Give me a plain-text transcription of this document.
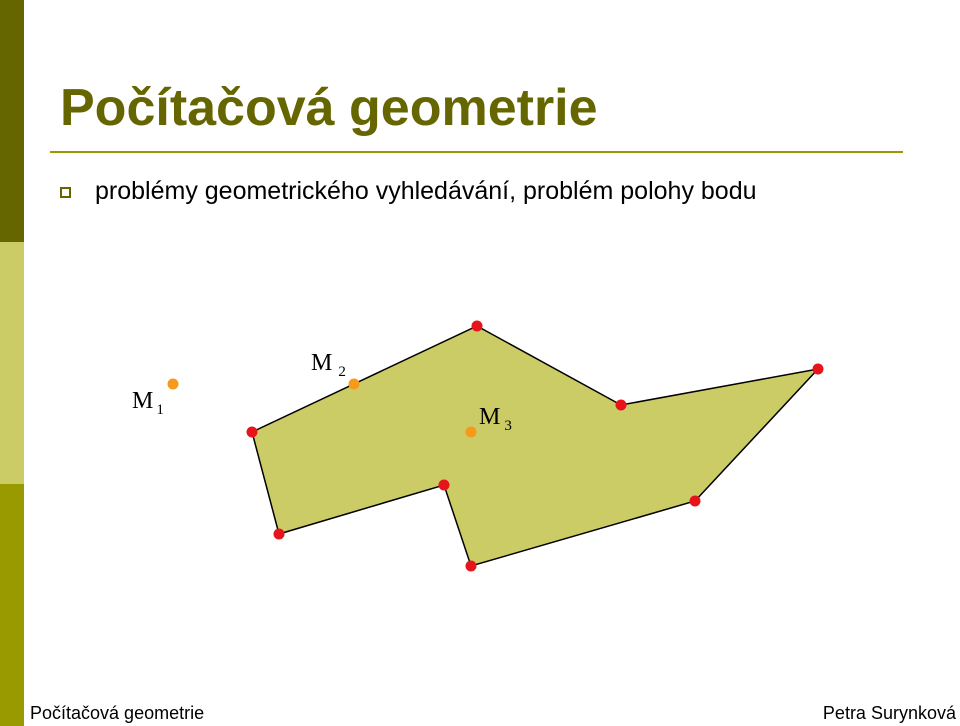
Počítačová geometrie
problémy geometrického vyhledávání, problém polohy bodu
M $_1$
M $_2$
M $_3$
Počítačová geometrie	Petra Surynková
